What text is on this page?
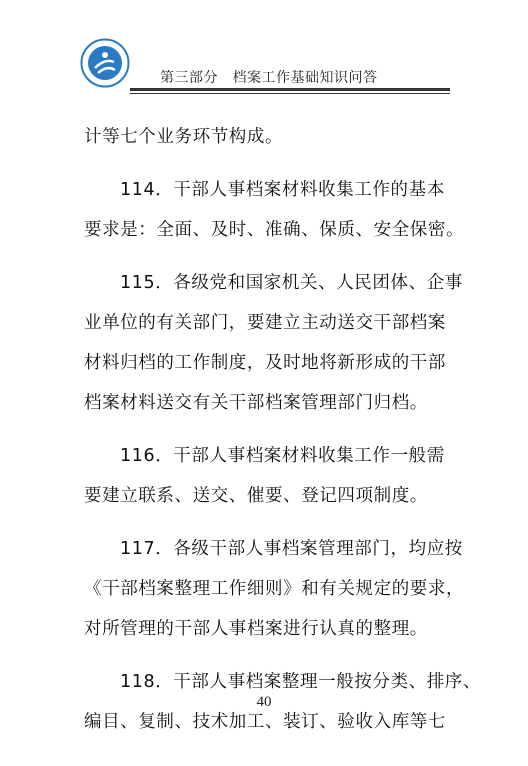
第三部分　档案工作基础知识问答
计等七个业务环节构成。
114．干部人事档案材料收集工作的基本
要求是：全面、及时、准确、保质、安全保密。
115．各级党和国家机关、人民团体、企事
业单位的有关部门，要建立主动送交干部档案
材料归档的工作制度，及时地将新形成的干部
档案材料送交有关干部档案管理部门归档。
116．干部人事档案材料收集工作一般需
要建立联系、送交、催要、登记四项制度。
117．各级干部人事档案管理部门，均应按
《干部档案整理工作细则》和有关规定的要求，
对所管理的干部人事档案进行认真的整理。
118．干部人事档案整理一般按分类、排序、
编目、复制、技术加工、装订、验收入库等七
40
